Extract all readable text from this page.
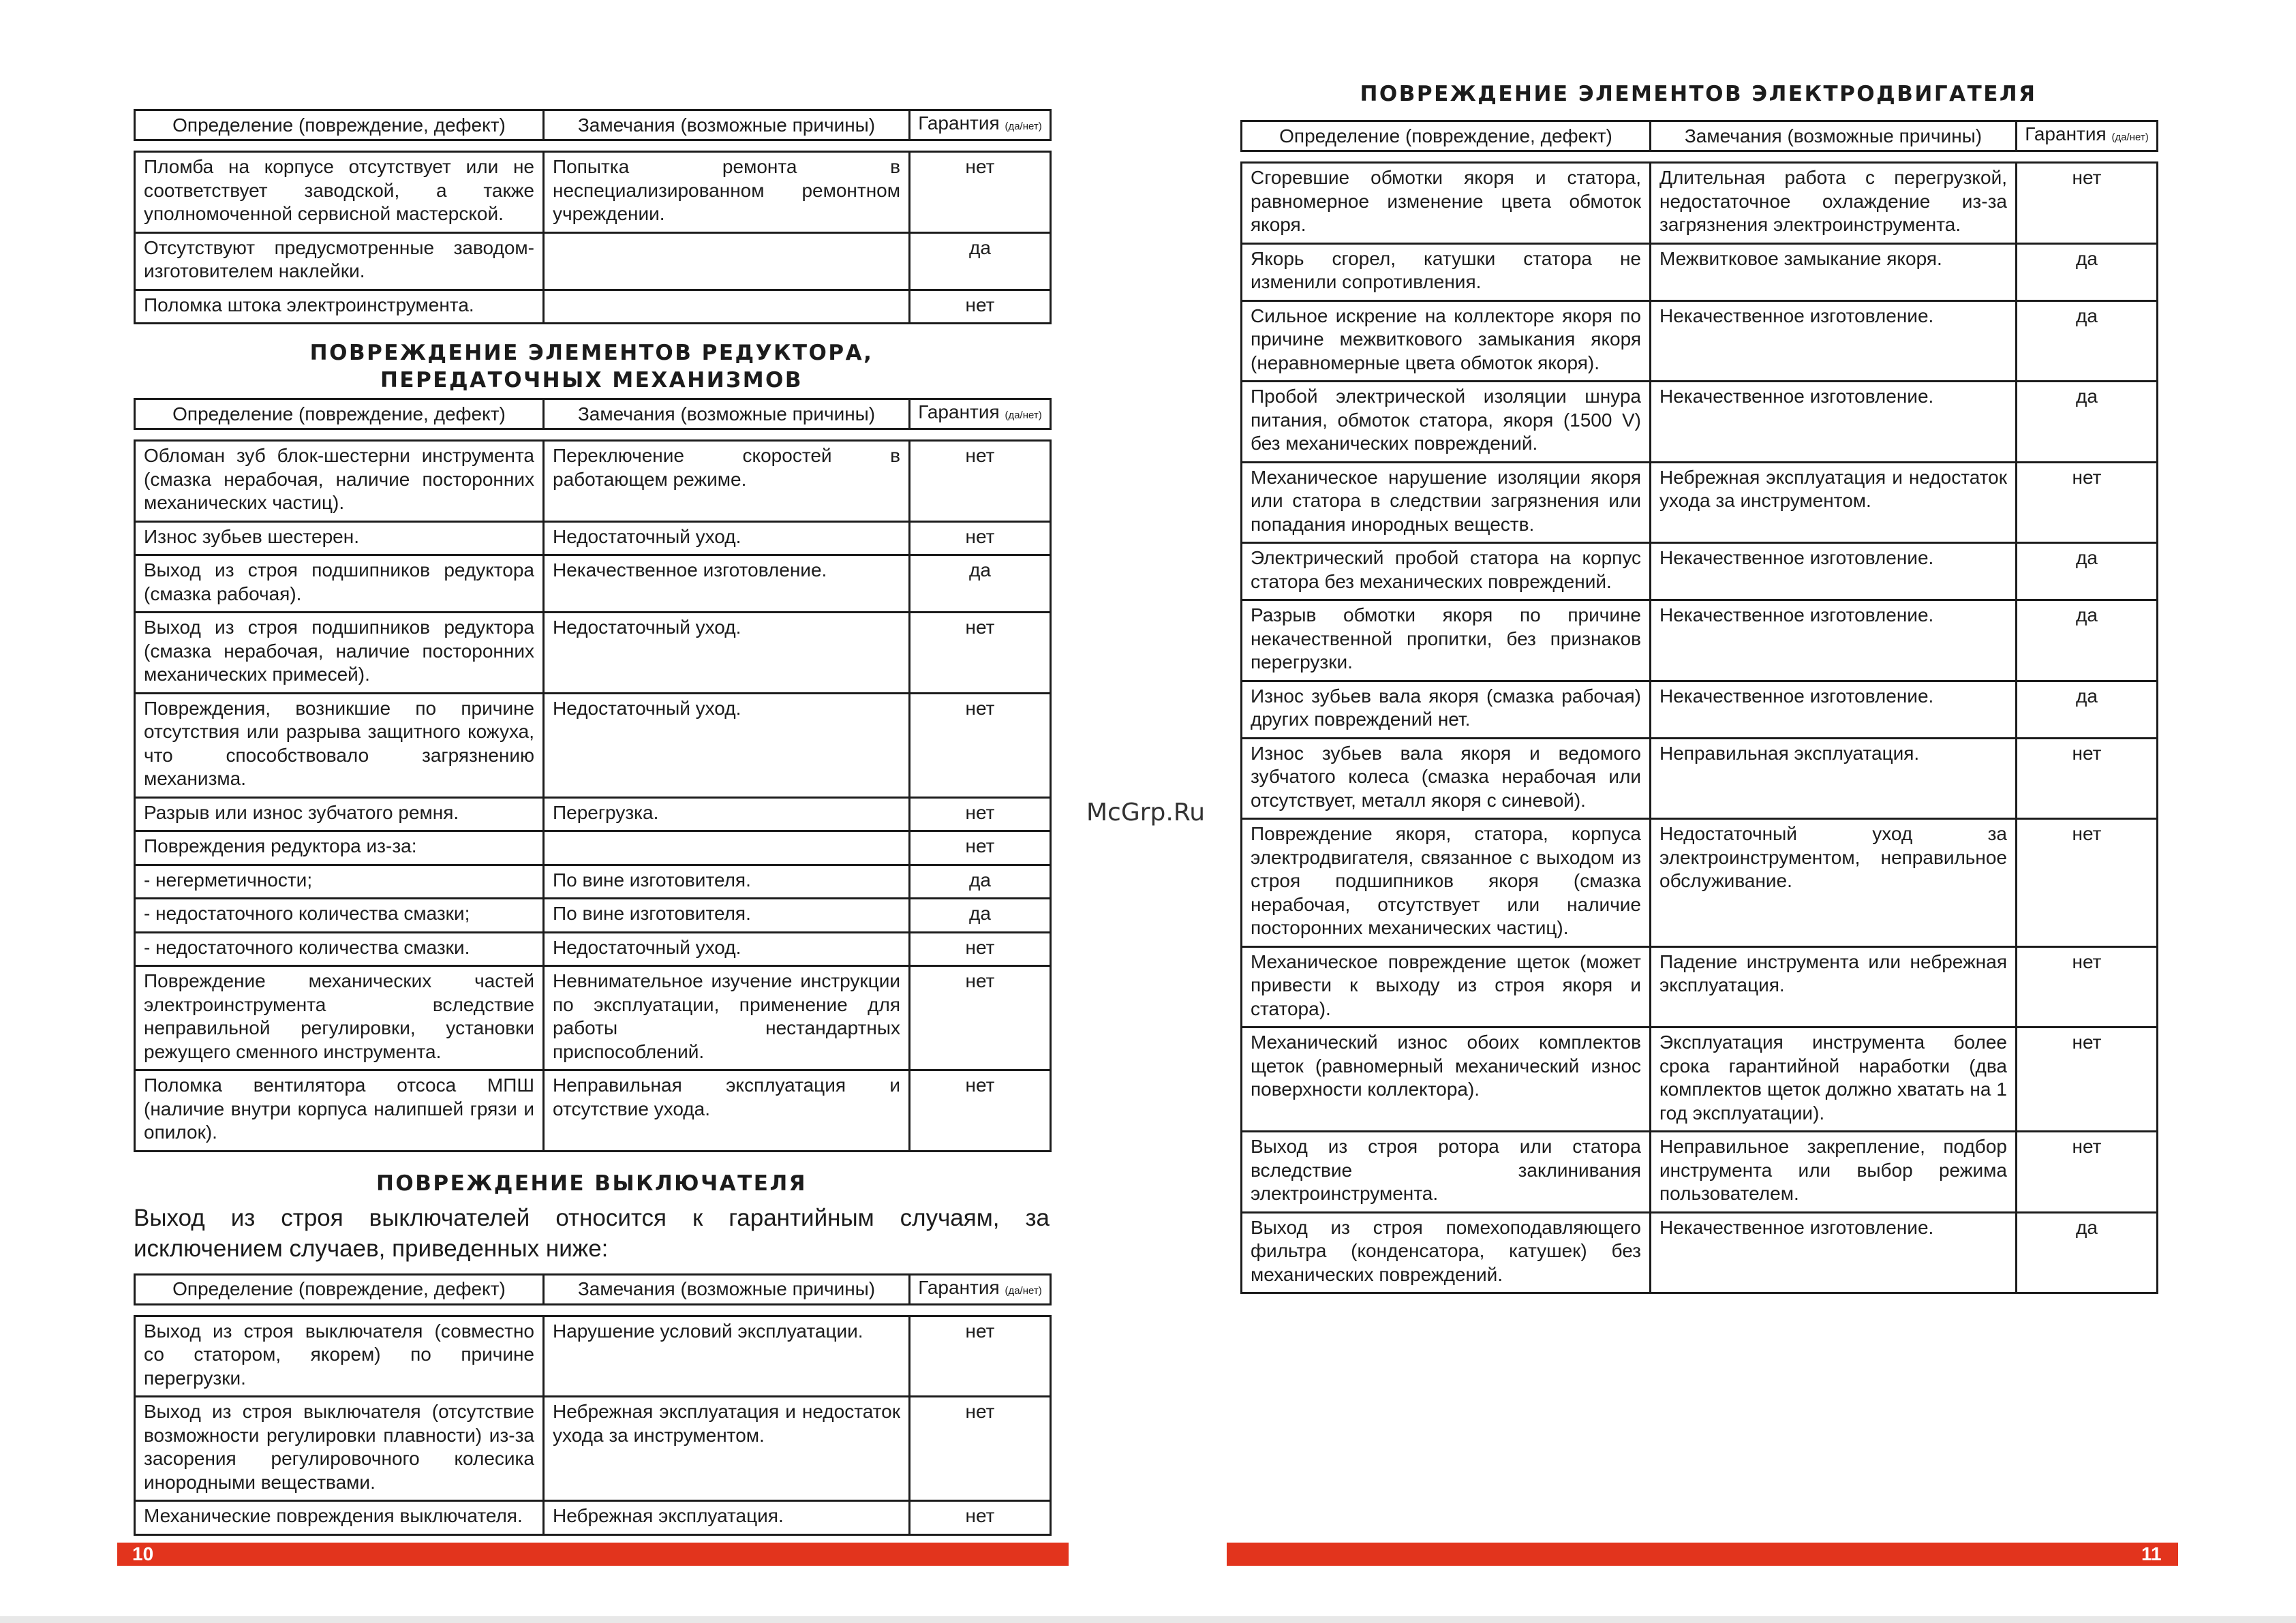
Определение (повреждение, дефект)	Замечания (возможные причины)	Гарантия (да/нет)
Пломба на корпусе отсутствует или не соответствует заводской, а также уполномоченной сервисной мастерской.	Попытка ремонта в неспециализированном ремонтном учреждении.	нет
Отсутствуют предусмотренные заводом-изготовителем наклейки.		да
Поломка штока электроинструмента.		нет
ПОВРЕЖДЕНИЕ ЭЛЕМЕНТОВ РЕДУКТОРА,
ПЕРЕДАТОЧНЫХ МЕХАНИЗМОВ
Определение (повреждение, дефект)	Замечания (возможные причины)	Гарантия (да/нет)
Обломан зуб блок-шестерни инструмента (смазка нерабочая, наличие посторонних механических частиц).	Переключение скоростей в работающем режиме.	нет
Износ зубьев шестерен.	Недостаточный уход.	нет
Выход из строя подшипников редуктора (смазка рабочая).	Некачественное изготовление.	да
Выход из строя подшипников редуктора (смазка нерабочая, наличие посторонних механических примесей).	Недостаточный уход.	нет
Повреждения, возникшие по причине отсутствия или разрыва защитного кожуха, что способствовало загрязнению механизма.	Недостаточный уход.	нет
Разрыв или износ зубчатого ремня.	Перегрузка.	нет
Повреждения редуктора из-за:		нет
- негерметичности;	По вине изготовителя.	да
- недостаточного количества смазки;	По вине изготовителя.	да
- недостаточного количества смазки.	Недостаточный уход.	нет
Повреждение механических частей электроинструмента вследствие неправильной регулировки, установки режущего сменного инструмента.	Невнимательное изучение инструкции по эксплуатации, применение для работы нестандартных приспособлений.	нет
Поломка вентилятора отсоса МПШ (наличие внутри корпуса налипшей грязи и опилок).	Неправильная эксплуатация и отсутствие ухода.	нет
ПОВРЕЖДЕНИЕ ВЫКЛЮЧАТЕЛЯ
Выход из строя выключателей относится к гарантийным случаям, за исключением случаев, приведенных ниже:
Определение (повреждение, дефект)	Замечания (возможные причины)	Гарантия (да/нет)
Выход из строя выключателя (совместно со статором, якорем) по причине перегрузки.	Нарушение условий эксплуатации.	нет
Выход из строя выключателя (отсутствие возможности регулировки плавности) из-за засорения регулировочного колесика инородными веществами.	Небрежная эксплуатация и недостаток ухода за инструментом.	нет
Механические повреждения выключателя.	Небрежная эксплуатация.	нет
ПОВРЕЖДЕНИЕ ЭЛЕМЕНТОВ ЭЛЕКТРОДВИГАТЕЛЯ
Определение (повреждение, дефект)	Замечания (возможные причины)	Гарантия (да/нет)
Сгоревшие обмотки якоря и статора, равномерное изменение цвета обмоток якоря.	Длительная работа с перегрузкой, недостаточное охлаждение из-за загрязнения электроинструмента.	нет
Якорь сгорел, катушки статора не изменили сопротивления.	Межвитковое замыкание якоря.	да
Сильное искрение на коллекторе якоря по причине межвиткового замыкания якоря (неравномерные цвета обмоток якоря).	Некачественное изготовление.	да
Пробой электрической изоляции шнура питания, обмоток статора, якоря (1500 V) без механических повреждений.	Некачественное изготовление.	да
Механическое нарушение изоляции якоря или статора в следствии загрязнения или попадания инородных веществ.	Небрежная эксплуатация и недостаток ухода за инструментом.	нет
Электрический пробой статора на корпус статора без механических повреждений.	Некачественное изготовление.	да
Разрыв обмотки якоря по причине некачественной пропитки, без признаков перегрузки.	Некачественное изготовление.	да
Износ зубьев вала якоря (смазка рабочая) других повреждений нет.	Некачественное изготовление.	да
Износ зубьев вала якоря и ведомого зубчатого колеса (смазка нерабочая или отсутствует, металл якоря с синевой).	Неправильная эксплуатация.	нет
Повреждение якоря, статора, корпуса электродвигателя, связанное с выходом из строя подшипников якоря (смазка нерабочая, отсутствует или наличие посторонних механических частиц).	Недостаточный уход за электроинструментом, неправильное обслуживание.	нет
Механическое повреждение щеток (может привести к выходу из строя якоря и статора).	Падение инструмента или небрежная эксплуатация.	нет
Механический износ обоих комплектов щеток (равномерный механический износ поверхности коллектора).	Эксплуатация инструмента более срока гарантийной наработки (два комплектов щеток должно хватать на 1 год эксплуатации).	нет
Выход из строя ротора или статора вследствие заклинивания электроинструмента.	Неправильное закрепление, подбор инструмента или выбор режима пользователем.	нет
Выход из строя помехоподавляющего фильтра (конденсатора, катушек) без механических повреждений.	Некачественное изготовление.	да
McGrp.Ru
10	11
